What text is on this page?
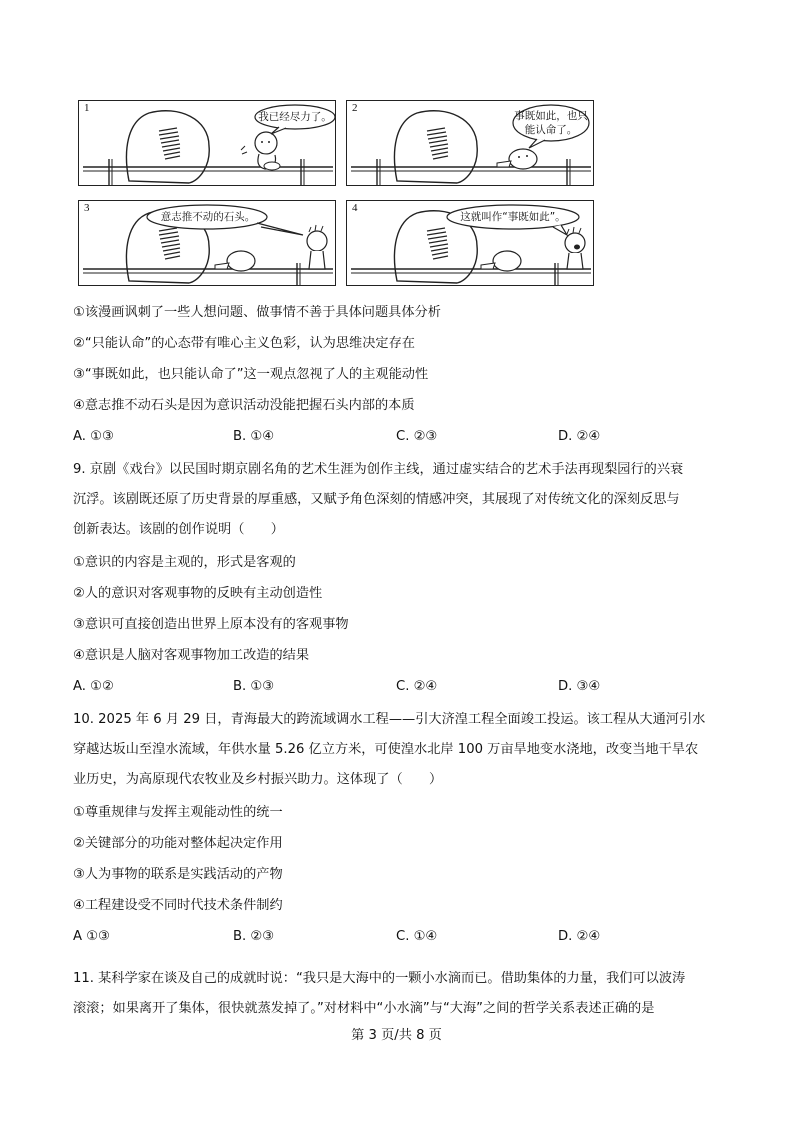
1
我已经尽力了。
2
事既如此，也只
能认命了。
3
意志推不动的石头。
4
这就叫作“事既如此”。
①该漫画讽刺了一些人想问题、做事情不善于具体问题具体分析
②“只能认命”的心态带有唯心主义色彩，认为思维决定存在
③“事既如此，也只能认命了”这一观点忽视了人的主观能动性
④意志推不动石头是因为意识活动没能把握石头内部的本质
A. ①③	B. ①④	C. ②③	D. ②④
9. 京剧《戏台》以民国时期京剧名角的艺术生涯为创作主线，通过虚实结合的艺术手法再现梨园行的兴衰
沉浮。该剧既还原了历史背景的厚重感，又赋予角色深刻的情感冲突，其展现了对传统文化的深刻反思与
创新表达。该剧的创作说明（　　）
①意识的内容是主观的，形式是客观的
②人的意识对客观事物的反映有主动创造性
③意识可直接创造出世界上原本没有的客观事物
④意识是人脑对客观事物加工改造的结果
A. ①②	B. ①③	C. ②④	D. ③④
10. 2025 年 6 月 29 日，青海最大的跨流域调水工程——引大济湟工程全面竣工投运。该工程从大通河引水
穿越达坂山至湟水流域，年供水量 5.26 亿立方米，可使湟水北岸 100 万亩旱地变水浇地，改变当地干旱农
业历史，为高原现代农牧业及乡村振兴助力。这体现了（　　）
①尊重规律与发挥主观能动性的统一
②关键部分的功能对整体起决定作用
③人为事物的联系是实践活动的产物
④工程建设受不同时代技术条件制约
A ①③	B. ②③	C. ①④	D. ②④
11. 某科学家在谈及自己的成就时说：“我只是大海中的一颗小水滴而已。借助集体的力量，我们可以波涛
滚滚；如果离开了集体，很快就蒸发掉了。”对材料中“小水滴”与“大海”之间的哲学关系表述正确的是
第 3 页/共 8 页
